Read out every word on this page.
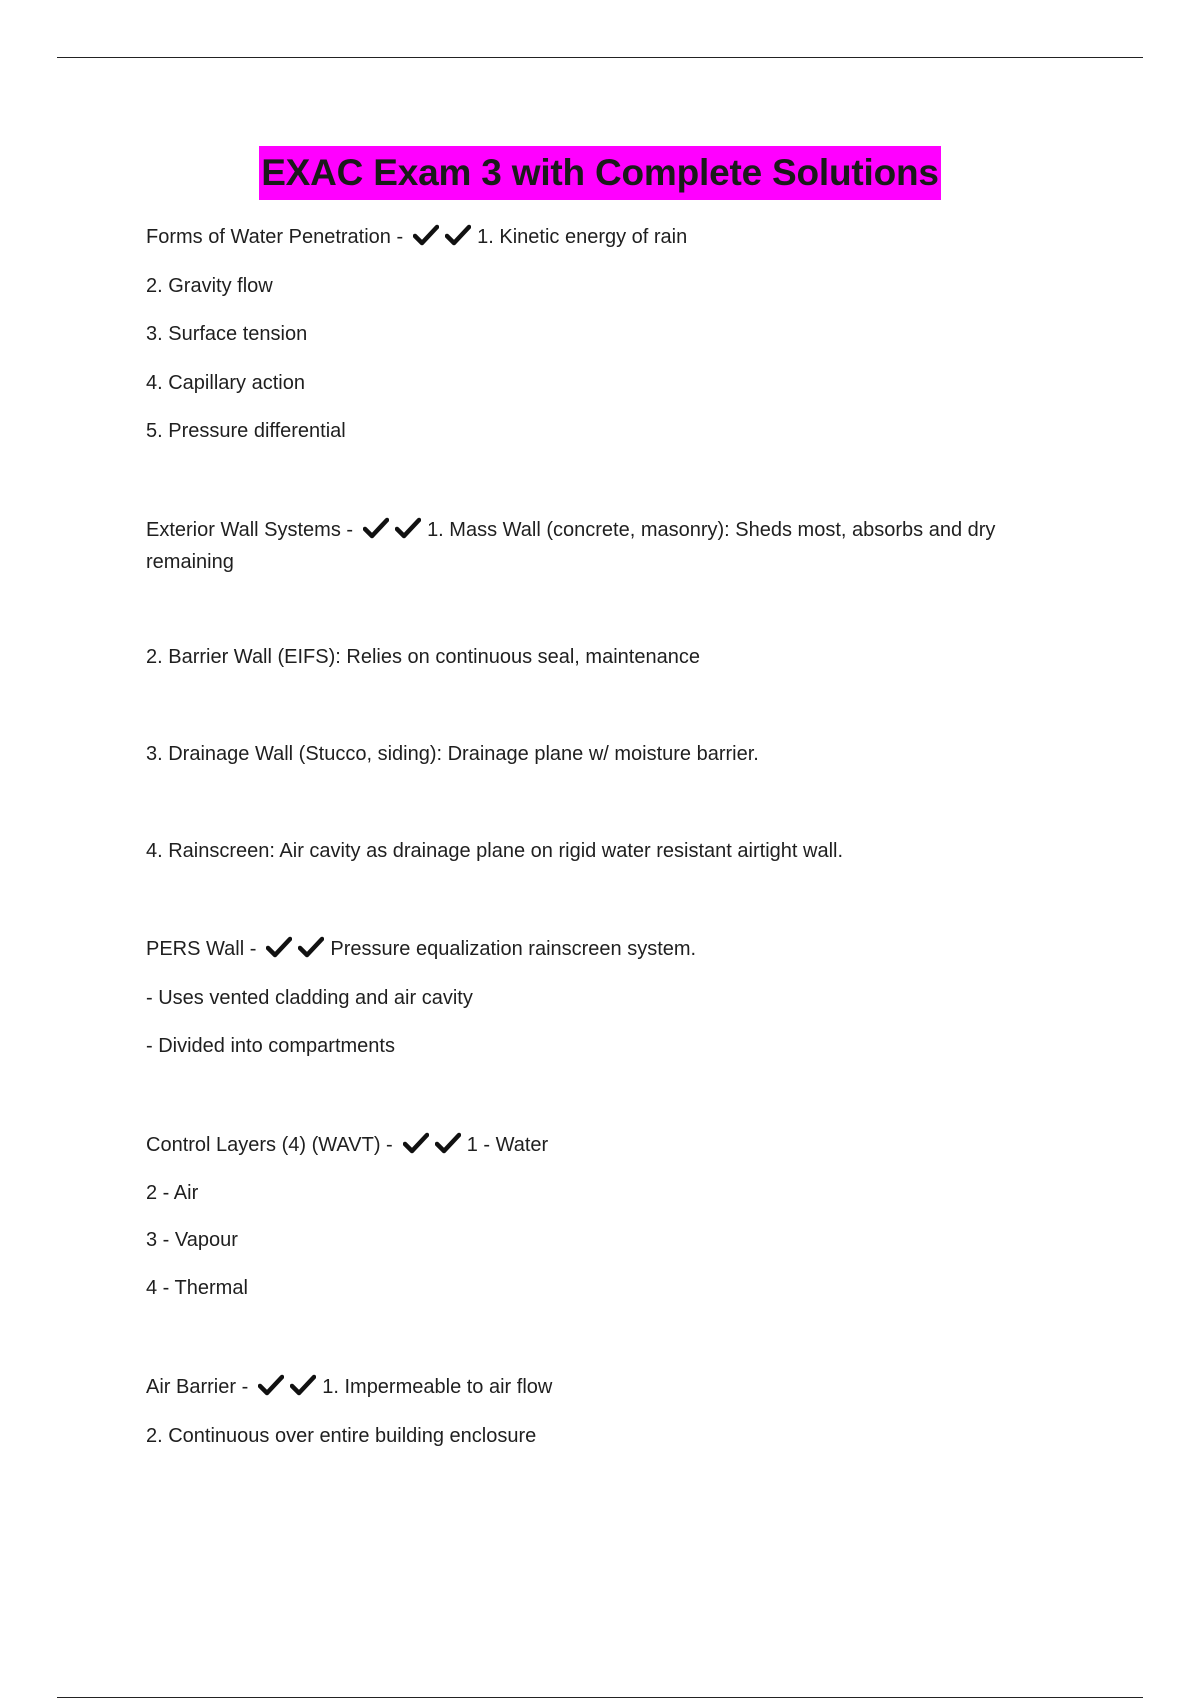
EXAC Exam 3 with Complete Solutions
Forms of Water Penetration -	1. Kinetic energy of rain
2. Gravity flow
3. Surface tension
4. Capillary action
5. Pressure differential
Exterior Wall Systems -	1. Mass Wall (concrete, masonry): Sheds most, absorbs and dry remaining
2. Barrier Wall (EIFS): Relies on continuous seal, maintenance
3. Drainage Wall (Stucco, siding): Drainage plane w/ moisture barrier.
4. Rainscreen: Air cavity as drainage plane on rigid water resistant airtight wall.
PERS Wall -	Pressure equalization rainscreen system.
- Uses vented cladding and air cavity
- Divided into compartments
Control Layers (4) (WAVT) -	1 - Water
2 - Air
3 - Vapour
4 - Thermal
Air Barrier -	1. Impermeable to air flow
2. Continuous over entire building enclosure
